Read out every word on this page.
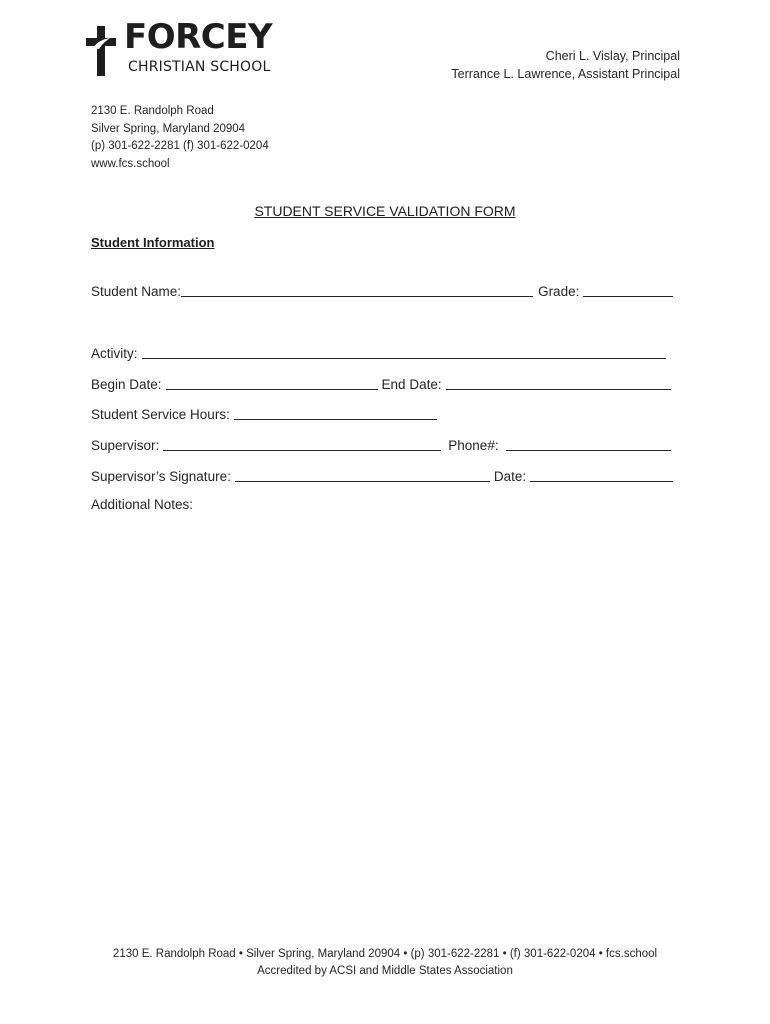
FORCEY
CHRISTIAN SCHOOL
Cheri L. Vislay, Principal
Terrance L. Lawrence, Assistant Principal
2130 E. Randolph Road
Silver Spring, Maryland 20904
(p) 301-622-2281 (f) 301-622-0204
www.fcs.school
STUDENT SERVICE VALIDATION FORM
Student Information
Student Name:	Grade:
Activity:
Begin Date:	End Date:
Student Service Hours:
Supervisor:	Phone#:
Supervisor’s Signature:	Date:
Additional Notes:
2130 E. Randolph Road • Silver Spring, Maryland 20904 • (p) 301-622-2281 • (f) 301-622-0204 • fcs.school
Accredited by ACSI and Middle States Association
